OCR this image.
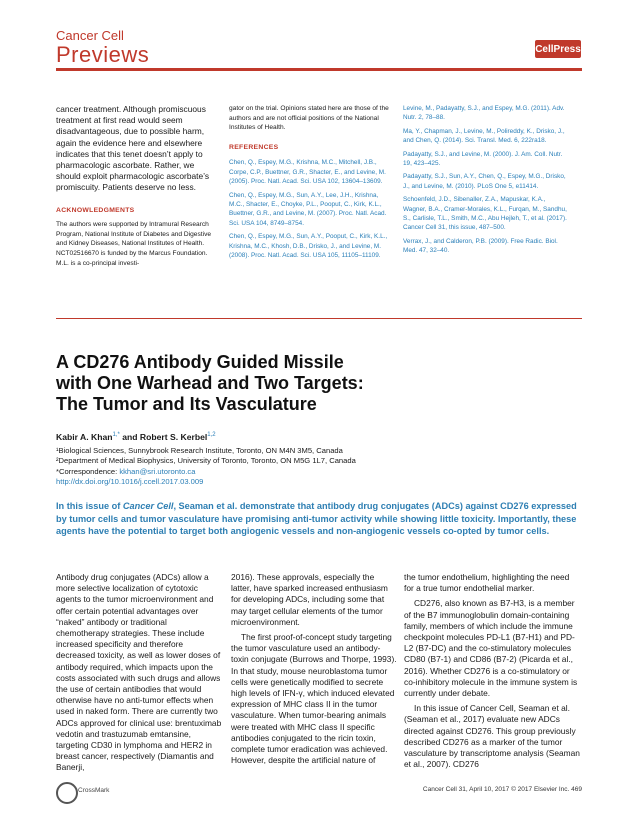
Cancer Cell
Previews	CellPress

cancer treatment. Although promiscuous treatment at first read would seem disadvantageous, due to possible harm, again the evidence here and elsewhere indicates that this tenet doesn’t apply to pharmacologic ascorbate. Rather, we should exploit pharmacologic ascorbate’s promiscuity. Patients deserve no less.

ACKNOWLEDGMENTS

The authors were supported by Intramural Research Program, National Institute of Diabetes and Digestive and Kidney Diseases, National Institutes of Health. NCT02516670 is funded by the Marcus Foundation. M.L. is a co-principal investi-

gator on the trial. Opinions stated here are those of the authors and are not official positions of the National Institutes of Health.

REFERENCES

Chen, Q., Espey, M.G., Krishna, M.C., Mitchell, J.B., Corpe, C.P., Buettner, G.R., Shacter, E., and Levine, M. (2005). Proc. Natl. Acad. Sci. USA 102, 13604–13609.

Chen, Q., Espey, M.G., Sun, A.Y., Lee, J.H., Krishna, M.C., Shacter, E., Choyke, P.L., Pooput, C., Kirk, K.L., Buettner, G.R., and Levine, M. (2007). Proc. Natl. Acad. Sci. USA 104, 8749–8754.

Chen, Q., Espey, M.G., Sun, A.Y., Pooput, C., Kirk, K.L., Krishna, M.C., Khosh, D.B., Drisko, J., and Levine, M. (2008). Proc. Natl. Acad. Sci. USA 105, 11105–11109.

Levine, M., Padayatty, S.J., and Espey, M.G. (2011). Adv. Nutr. 2, 78–88.

Ma, Y., Chapman, J., Levine, M., Polireddy, K., Drisko, J., and Chen, Q. (2014). Sci. Transl. Med. 6, 222ra18.

Padayatty, S.J., and Levine, M. (2000). J. Am. Coll. Nutr. 19, 423–425.

Padayatty, S.J., Sun, A.Y., Chen, Q., Espey, M.G., Drisko, J., and Levine, M. (2010). PLoS One 5, e11414.

Schoenfeld, J.D., Sibenaller, Z.A., Mapuskar, K.A., Wagner, B.A., Cramer-Morales, K.L., Furqan, M., Sandhu, S., Carlisle, T.L., Smith, M.C., Abu Hejleh, T., et al. (2017). Cancer Cell 31, this issue, 487–500.

Verrax, J., and Calderon, P.B. (2009). Free Radic. Biol. Med. 47, 32–40.

A CD276 Antibody Guided Missile
with One Warhead and Two Targets:
The Tumor and Its Vasculature
Kabir A. Khan$^{1,*}$ and Robert S. Kerbel$^{1,2}$
¹Biological Sciences, Sunnybrook Research Institute, Toronto, ON M4N 3M5, Canada
²Department of Medical Biophysics, University of Toronto, Toronto, ON M5G 1L7, Canada
*Correspondence: kkhan@sri.utoronto.ca
http://dx.doi.org/10.1016/j.ccell.2017.03.009
In this issue of Cancer Cell, Seaman et al. demonstrate that antibody drug conjugates (ADCs) against CD276 expressed by tumor cells and tumor vasculature have promising anti-tumor activity while showing little toxicity. Importantly, these agents have the potential to target both angiogenic vessels and non-angiogenic vessels co-opted by tumor cells.

Antibody drug conjugates (ADCs) allow a more selective localization of cytotoxic agents to the tumor microenvironment and offer certain potential advantages over “naked” antibody or traditional chemotherapy strategies. These include increased specificity and therefore decreased toxicity, as well as lower doses of antibody required, which impacts upon the costs associated with such drugs and allows the use of certain antibodies that would otherwise have no anti-tumor effects when used in naked form. There are currently two ADCs approved for clinical use: brentuximab vedotin and trastuzumab emtansine, targeting CD30 in lymphoma and HER2 in breast cancer, respectively (Diamantis and Banerji,

2016). These approvals, especially the latter, have sparked increased enthusiasm for developing ADCs, including some that may target cellular elements of the tumor microenvironment.

The first proof-of-concept study targeting the tumor vasculature used an antibody-toxin conjugate (Burrows and Thorpe, 1993). In that study, mouse neuroblastoma tumor cells were genetically modified to secrete high levels of IFN-γ, which induced elevated expression of MHC class II in the tumor vasculature. When tumor-bearing animals were treated with MHC class II specific antibodies conjugated to the ricin toxin, complete tumor eradication was achieved. However, despite the artificial nature of

the tumor endothelium, highlighting the need for a true tumor endothelial marker.

CD276, also known as B7-H3, is a member of the B7 immunoglobulin domain-containing family, members of which include the immune checkpoint molecules PD-L1 (B7-H1) and PD-L2 (B7-DC) and the co-stimulatory molecules CD80 (B7-1) and CD86 (B7-2) (Picarda et al., 2016). Whether CD276 is a co-stimulatory or co-inhibitory molecule in the immune system is currently under debate.

In this issue of Cancer Cell, Seaman et al. (Seaman et al., 2017) evaluate new ADCs directed against CD276. This group previously described CD276 as a marker of the tumor vasculature by transcriptome analysis (Seaman et al., 2007). CD276

CrossMark	Cancer Cell 31, April 10, 2017 © 2017 Elsevier Inc. 469
